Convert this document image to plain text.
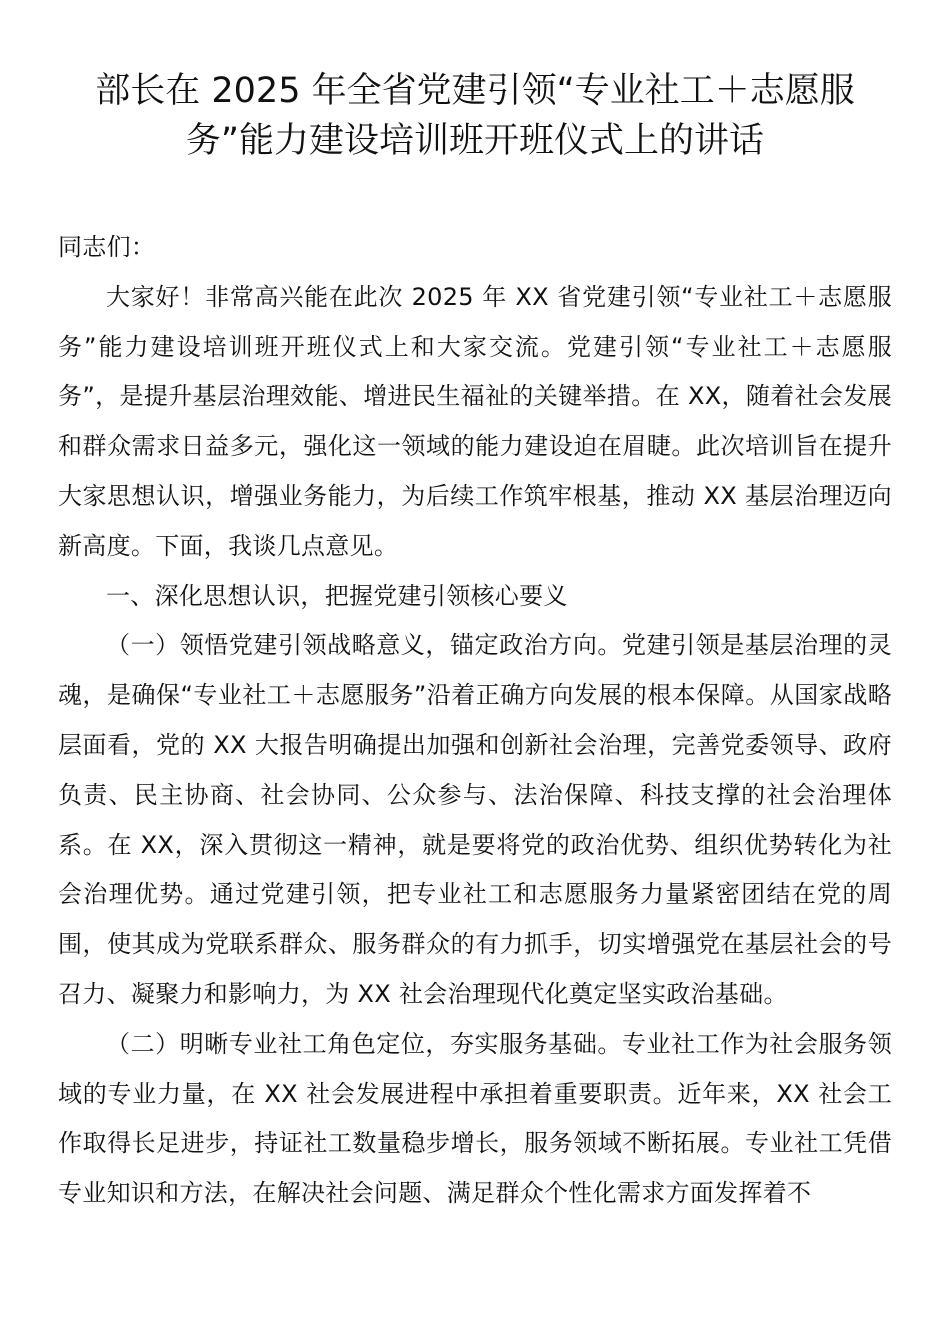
部长在 2025 年全省党建引领“专业社工＋志愿服务”能力建设培训班开班仪式上的讲话

同志们：

大家好！非常高兴能在此次 2025 年 XX 省党建引领“专业社工＋志愿服务”能力建设培训班开班仪式上和大家交流。党建引领“专业社工＋志愿服务”，是提升基层治理效能、增进民生福祉的关键举措。在 XX，随着社会发展和群众需求日益多元，强化这一领域的能力建设迫在眉睫。此次培训旨在提升大家思想认识，增强业务能力，为后续工作筑牢根基，推动 XX 基层治理迈向新高度。下面，我谈几点意见。

一、深化思想认识，把握党建引领核心要义

（一）领悟党建引领战略意义，锚定政治方向。党建引领是基层治理的灵魂，是确保“专业社工＋志愿服务”沿着正确方向发展的根本保障。从国家战略层面看，党的 XX 大报告明确提出加强和创新社会治理，完善党委领导、政府负责、民主协商、社会协同、公众参与、法治保障、科技支撑的社会治理体系。在 XX，深入贯彻这一精神，就是要将党的政治优势、组织优势转化为社会治理优势。通过党建引领，把专业社工和志愿服务力量紧密团结在党的周围，使其成为党联系群众、服务群众的有力抓手，切实增强党在基层社会的号召力、凝聚力和影响力，为 XX 社会治理现代化奠定坚实政治基础。

（二）明晰专业社工角色定位，夯实服务基础。专业社工作为社会服务领域的专业力量，在 XX 社会发展进程中承担着重要职责。近年来，XX 社会工作取得长足进步，持证社工数量稳步增长，服务领域不断拓展。专业社工凭借专业知识和方法，在解决社会问题、满足群众个性化需求方面发挥着不
